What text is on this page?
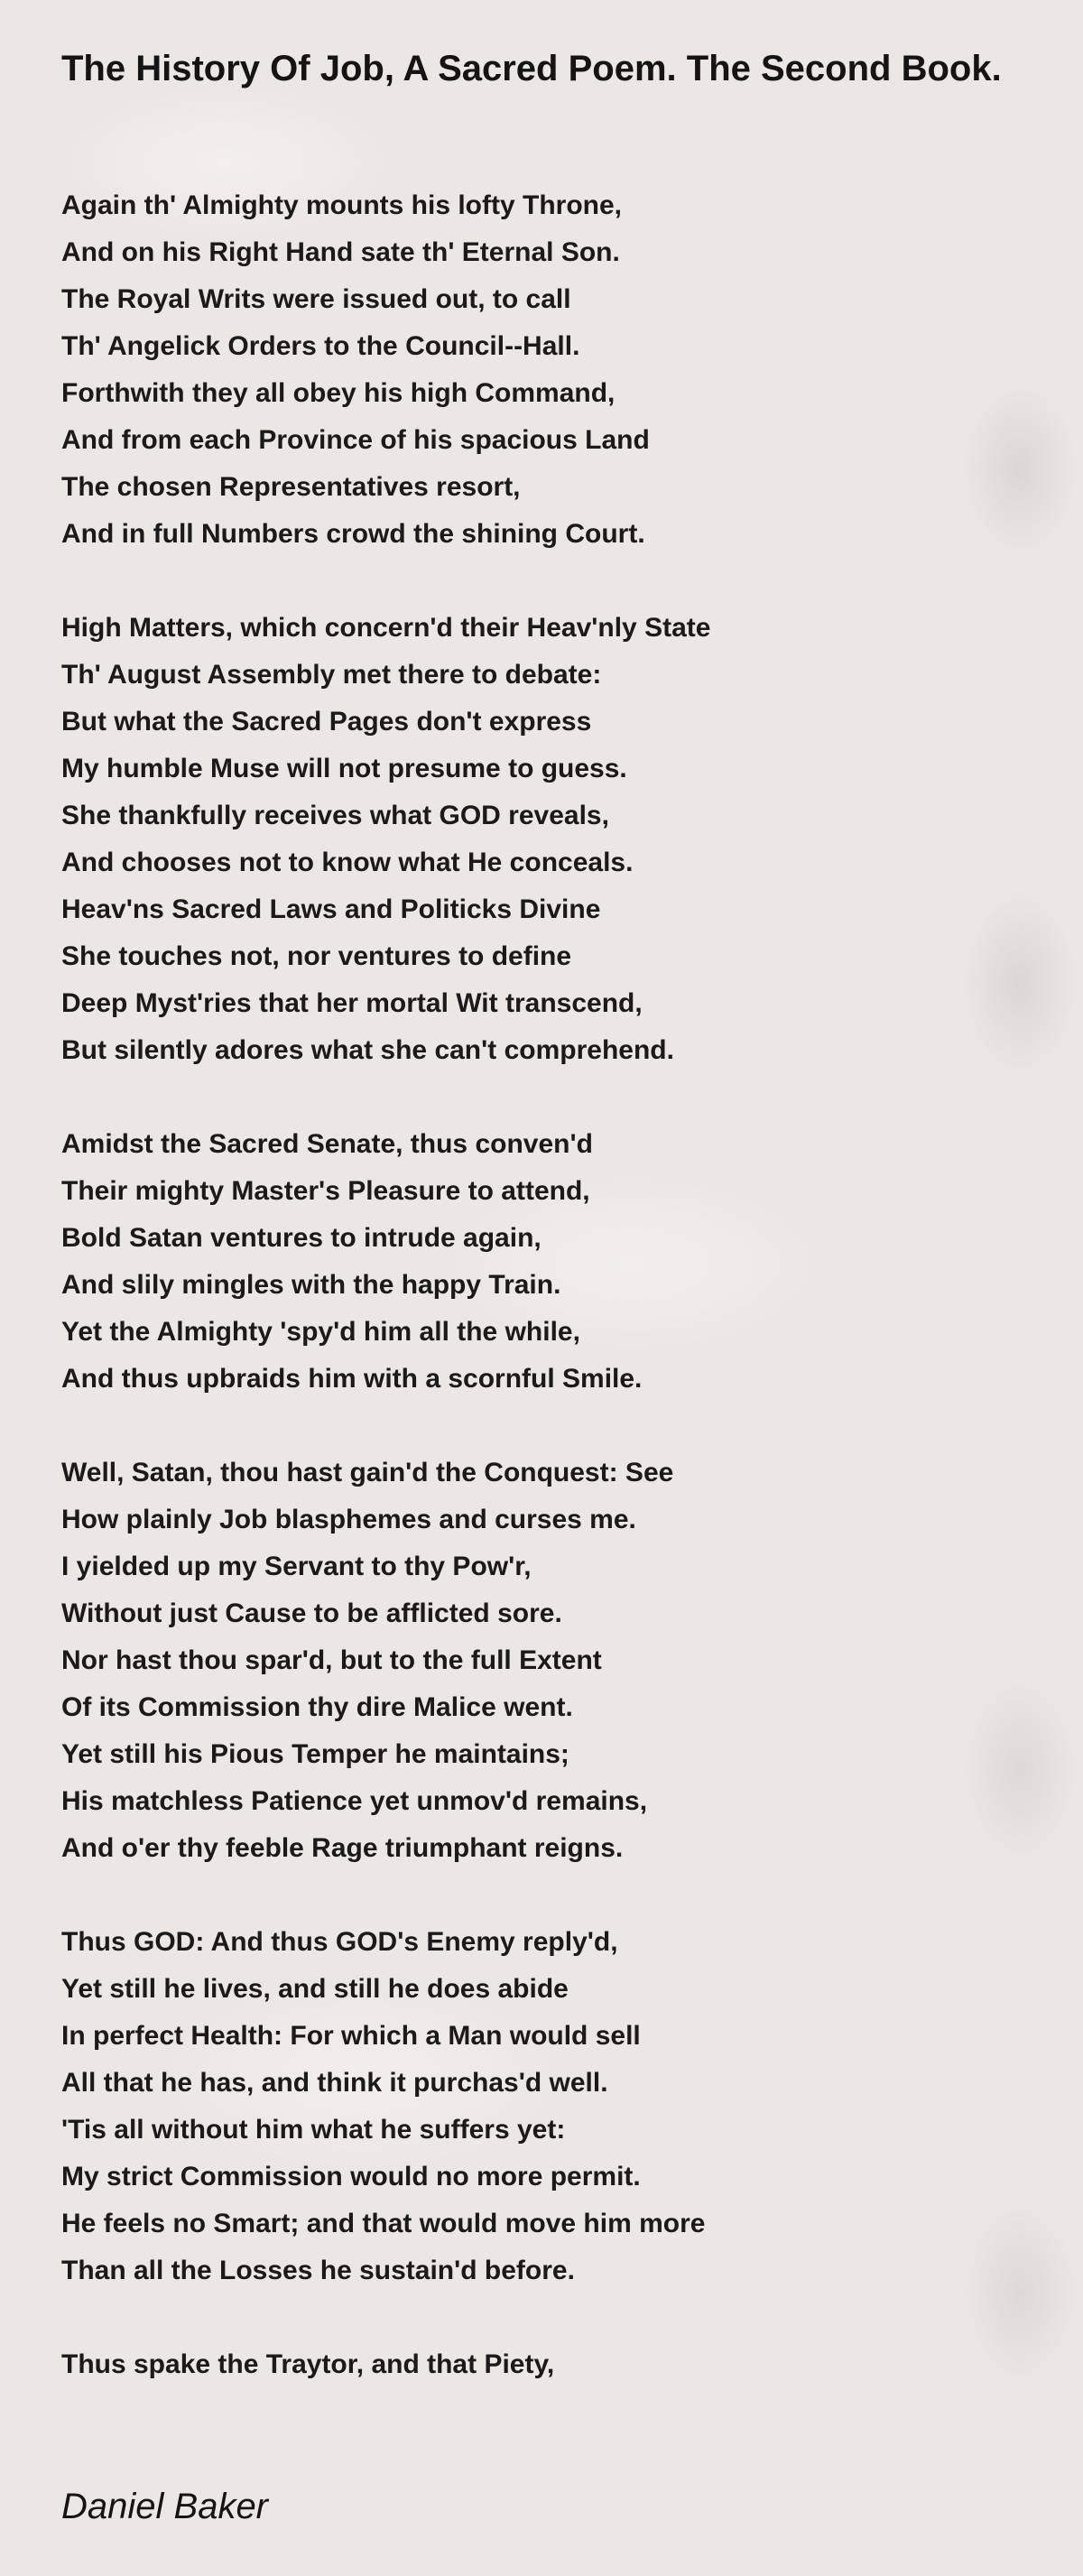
The History Of Job, A Sacred Poem. The Second Book.
Again th' Almighty mounts his lofty Throne,
And on his Right Hand sate th' Eternal Son.
The Royal Writs were issued out, to call
Th' Angelick Orders to the Council--Hall.
Forthwith they all obey his high Command,
And from each Province of his spacious Land
The chosen Representatives resort,
And in full Numbers crowd the shining Court.
High Matters, which concern'd their Heav'nly State
Th' August Assembly met there to debate:
But what the Sacred Pages don't express
My humble Muse will not presume to guess.
She thankfully receives what GOD reveals,
And chooses not to know what He conceals.
Heav'ns Sacred Laws and Politicks Divine
She touches not, nor ventures to define
Deep Myst'ries that her mortal Wit transcend,
But silently adores what she can't comprehend.
Amidst the Sacred Senate, thus conven'd
Their mighty Master's Pleasure to attend,
Bold Satan ventures to intrude again,
And slily mingles with the happy Train.
Yet the Almighty 'spy'd him all the while,
And thus upbraids him with a scornful Smile.
Well, Satan, thou hast gain'd the Conquest: See
How plainly Job blasphemes and curses me.
I yielded up my Servant to thy Pow'r,
Without just Cause to be afflicted sore.
Nor hast thou spar'd, but to the full Extent
Of its Commission thy dire Malice went.
Yet still his Pious Temper he maintains;
His matchless Patience yet unmov'd remains,
And o'er thy feeble Rage triumphant reigns.
Thus GOD: And thus GOD's Enemy reply'd,
Yet still he lives, and still he does abide
In perfect Health: For which a Man would sell
All that he has, and think it purchas'd well.
'Tis all without him what he suffers yet:
My strict Commission would no more permit.
He feels no Smart; and that would move him more
Than all the Losses he sustain'd before.
Thus spake the Traytor, and that Piety,
Daniel Baker
